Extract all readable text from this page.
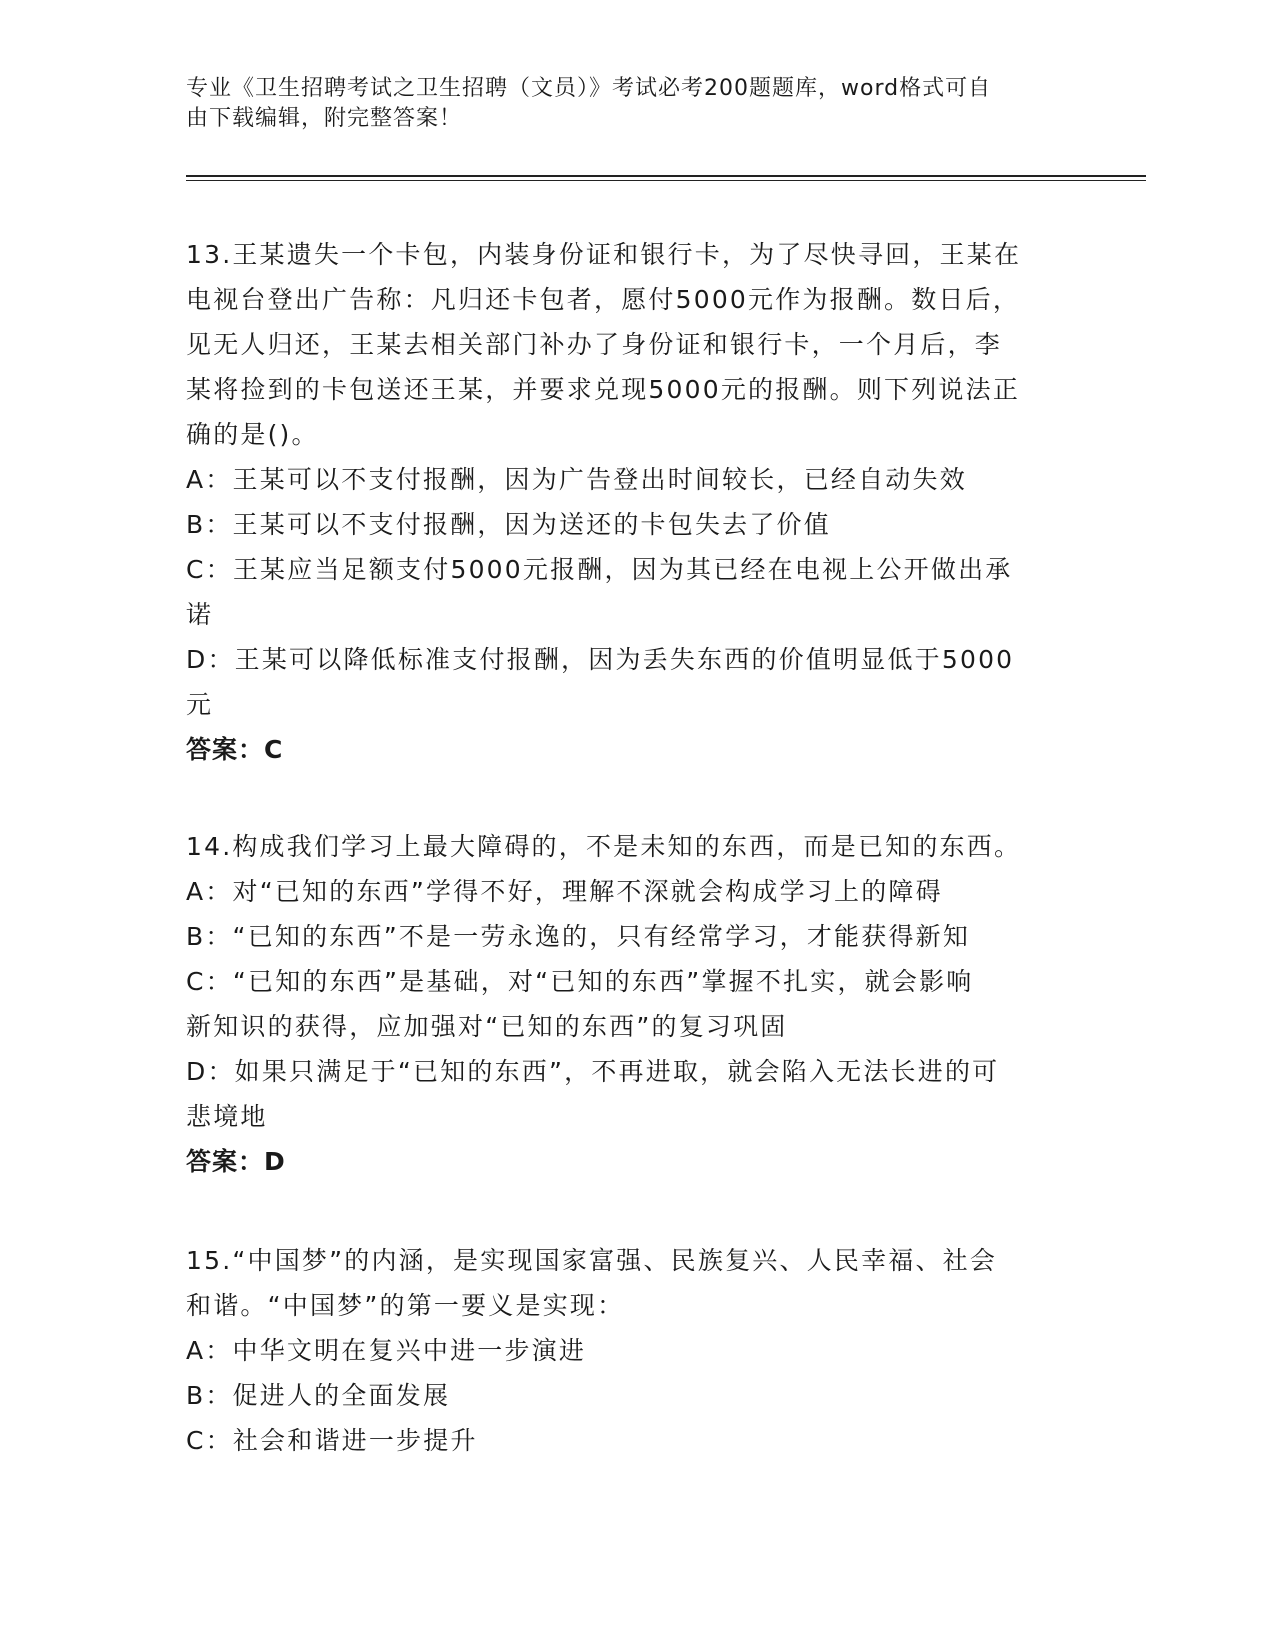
专业《卫生招聘考试之卫生招聘（文员）》考试必考200题题库，word格式可自
由下载编辑，附完整答案！
13.王某遗失一个卡包，内装身份证和银行卡，为了尽快寻回，王某在
电视台登出广告称：凡归还卡包者，愿付5000元作为报酬。数日后，
见无人归还，王某去相关部门补办了身份证和银行卡，一个月后，李
某将捡到的卡包送还王某，并要求兑现5000元的报酬。则下列说法正
确的是()。
A：王某可以不支付报酬，因为广告登出时间较长，已经自动失效
B：王某可以不支付报酬，因为送还的卡包失去了价值
C：王某应当足额支付5000元报酬，因为其已经在电视上公开做出承
诺
D：王某可以降低标准支付报酬，因为丢失东西的价值明显低于5000
元
答案：C
14.构成我们学习上最大障碍的，不是未知的东西，而是已知的东西。
A：对“已知的东西”学得不好，理解不深就会构成学习上的障碍
B：“已知的东西”不是一劳永逸的，只有经常学习，才能获得新知
C：“已知的东西”是基础，对“已知的东西”掌握不扎实，就会影响
新知识的获得，应加强对“已知的东西”的复习巩固
D：如果只满足于“已知的东西”，不再进取，就会陷入无法长进的可
悲境地
答案：D
15.“中国梦”的内涵，是实现国家富强、民族复兴、人民幸福、社会
和谐。“中国梦”的第一要义是实现：
A：中华文明在复兴中进一步演进
B：促进人的全面发展
C：社会和谐进一步提升
